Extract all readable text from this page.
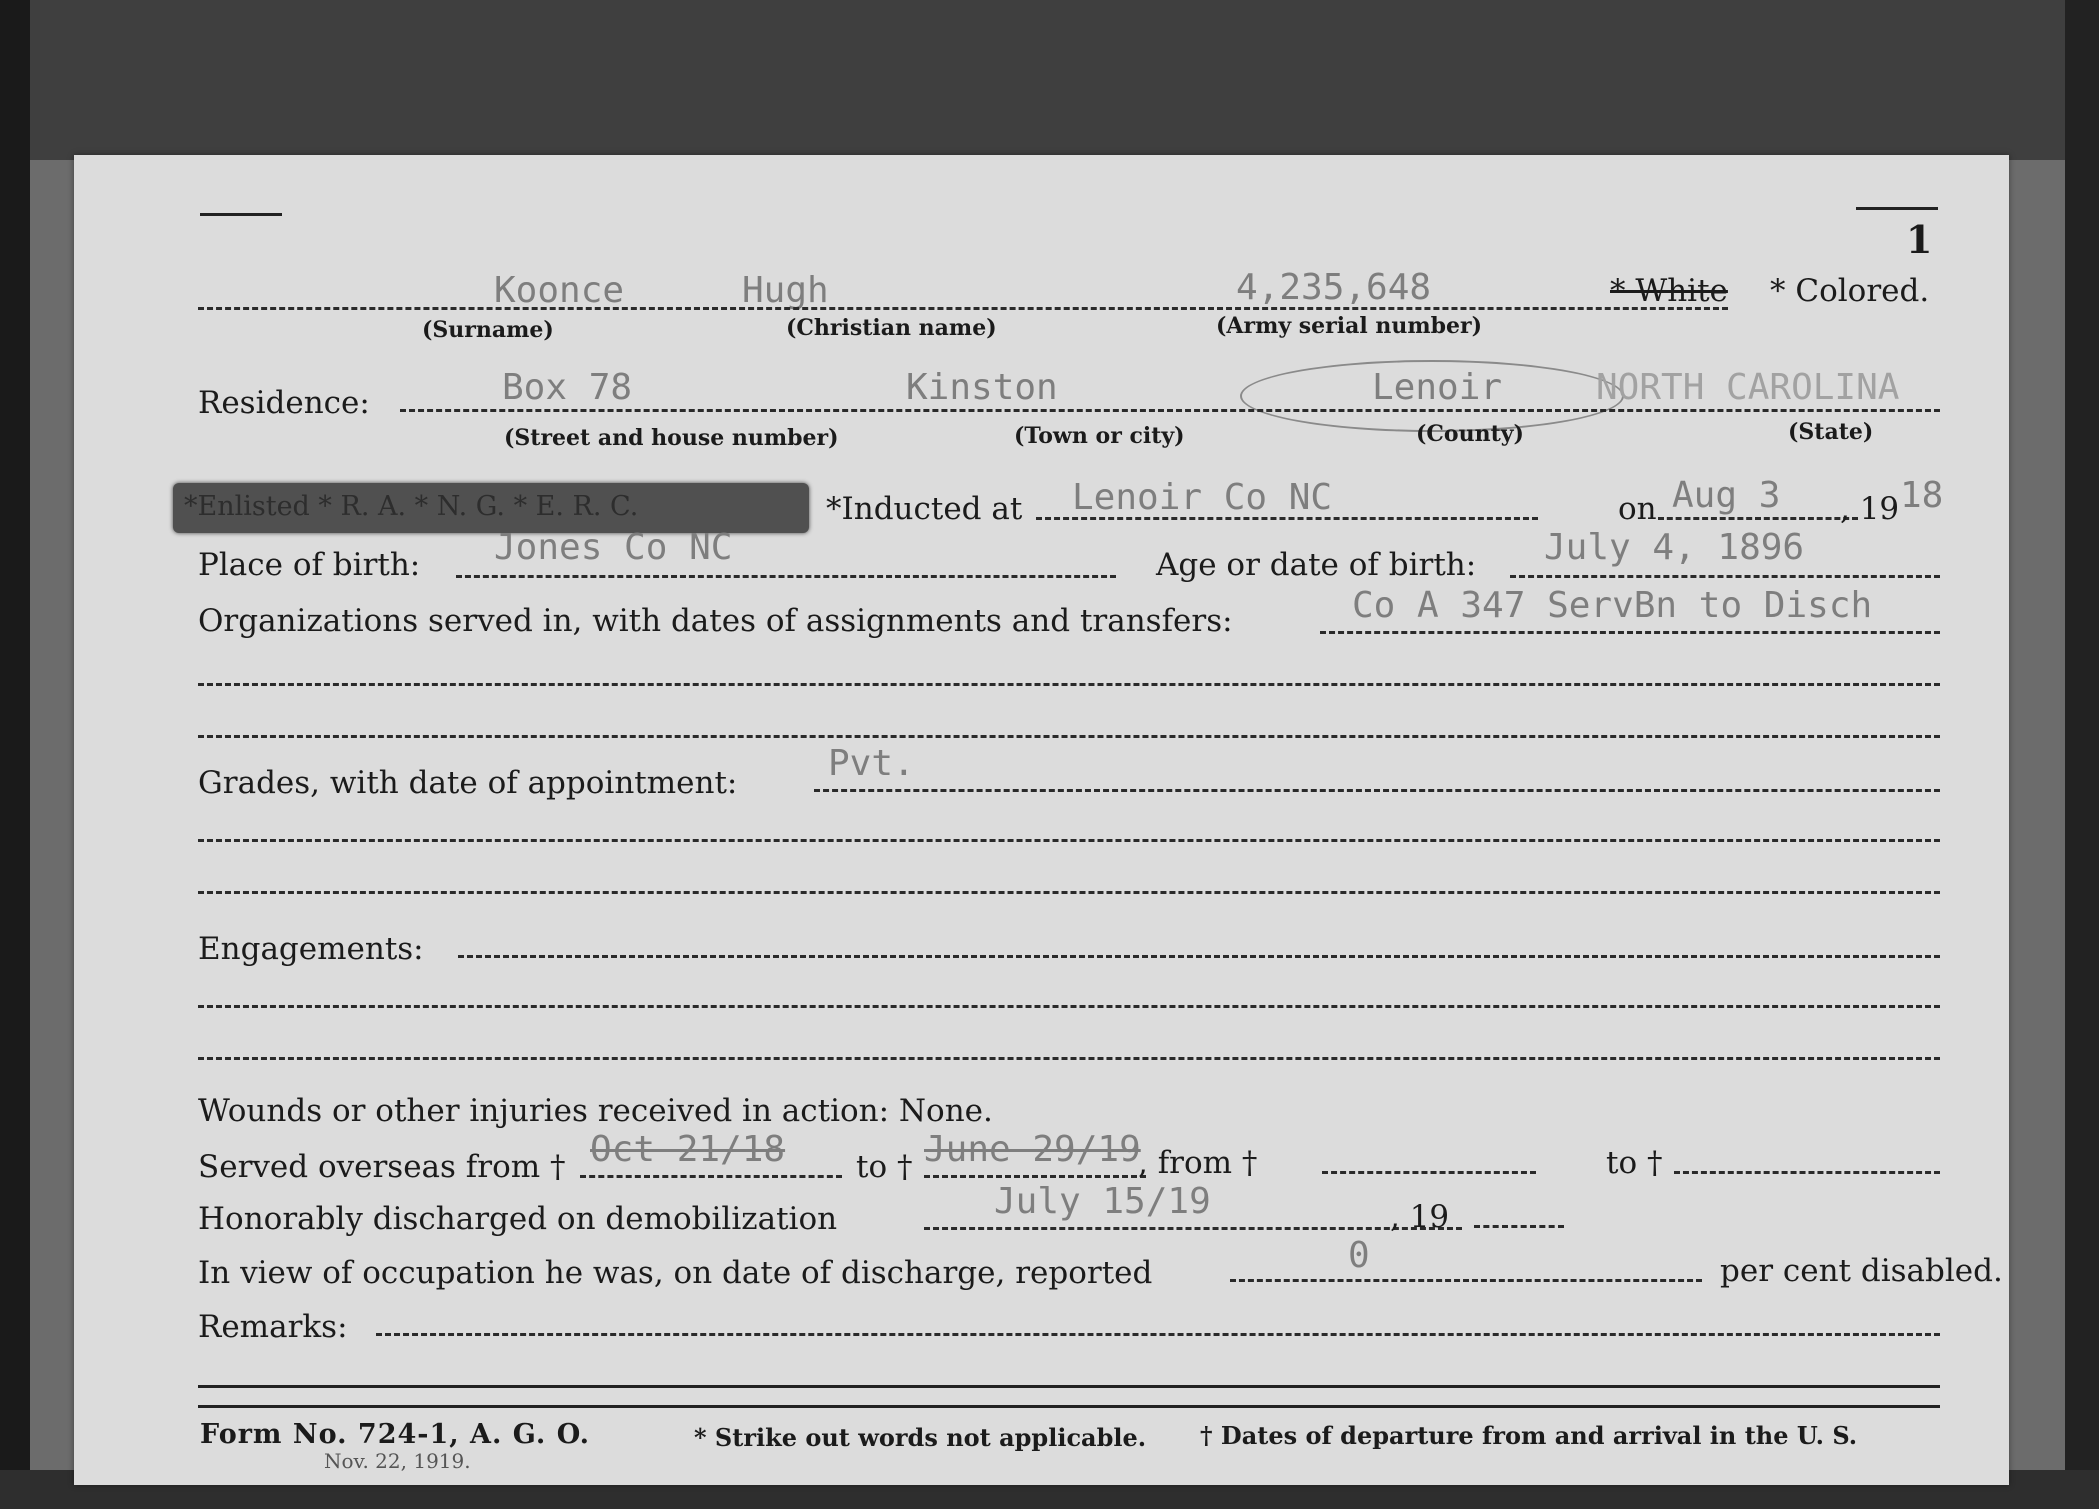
1
Koonce	Hugh	4,235,648	* White * Colored.
(Surname)	(Christian name)	(Army serial number)
Residence:	Box 78	Kinston	Lenoir	NORTH CAROLINA
(Street and house number)	(Town or city)	(County)	(State)
*Enlisted * R. A. * N. G. * E. R. C.	*Inducted at Lenoir Co NC	on Aug 3 , 19 18
Place of birth: Jones Co NC	Age or date of birth: July 4, 1896
Organizations served in, with dates of assignments and transfers:	Co A 347 ServBn to Disch
Grades, with date of appointment:	Pvt.
Engagements:
Wounds or other injuries received in action: None.
Served overseas from † Oct 21/18 to † June 29/19
, from †	to †
Honorably discharged on demobilization	July 15/19	, 19
In view of occupation he was, on date of discharge, reported	0	per cent disabled.
Remarks:
Form No. 724-1, A. G. O.
Nov. 22, 1919.
* Strike out words not applicable. † Dates of departure from and arrival in the U. S.
